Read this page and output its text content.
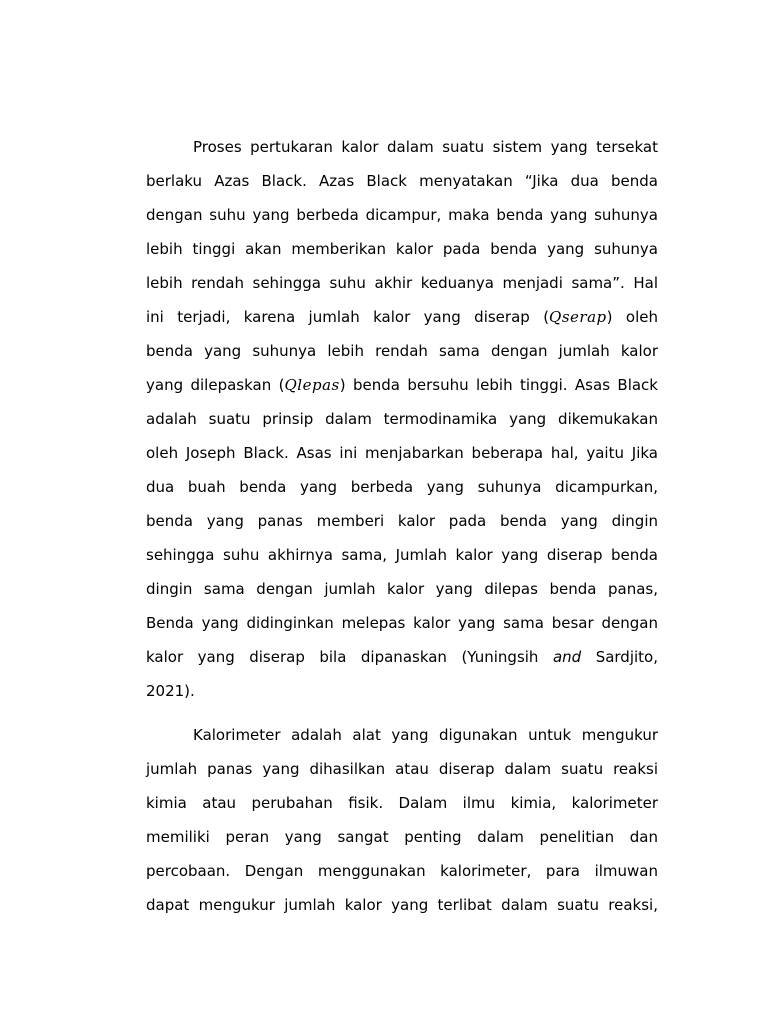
Proses pertukaran kalor dalam suatu sistem yang tersekat
berlaku Azas Black. Azas Black menyatakan “Jika dua benda
dengan suhu yang berbeda dicampur, maka benda yang suhunya
lebih tinggi akan memberikan kalor pada benda yang suhunya
lebih rendah sehingga suhu akhir keduanya menjadi sama”. Hal
ini terjadi, karena jumlah kalor yang diserap (Qserap) oleh
benda yang suhunya lebih rendah sama dengan jumlah kalor
yang dilepaskan (Qlepas) benda bersuhu lebih tinggi. Asas Black
adalah suatu prinsip dalam termodinamika yang dikemukakan
oleh Joseph Black. Asas ini menjabarkan beberapa hal, yaitu Jika
dua buah benda yang berbeda yang suhunya dicampurkan,
benda yang panas memberi kalor pada benda yang dingin
sehingga suhu akhirnya sama, Jumlah kalor yang diserap benda
dingin sama dengan jumlah kalor yang dilepas benda panas,
Benda yang didinginkan melepas kalor yang sama besar dengan
kalor yang diserap bila dipanaskan (Yuningsih and Sardjito,
2021).
Kalorimeter adalah alat yang digunakan untuk mengukur
jumlah panas yang dihasilkan atau diserap dalam suatu reaksi
kimia atau perubahan fisik. Dalam ilmu kimia, kalorimeter
memiliki peran yang sangat penting dalam penelitian dan
percobaan. Dengan menggunakan kalorimeter, para ilmuwan
dapat mengukur jumlah kalor yang terlibat dalam suatu reaksi,
